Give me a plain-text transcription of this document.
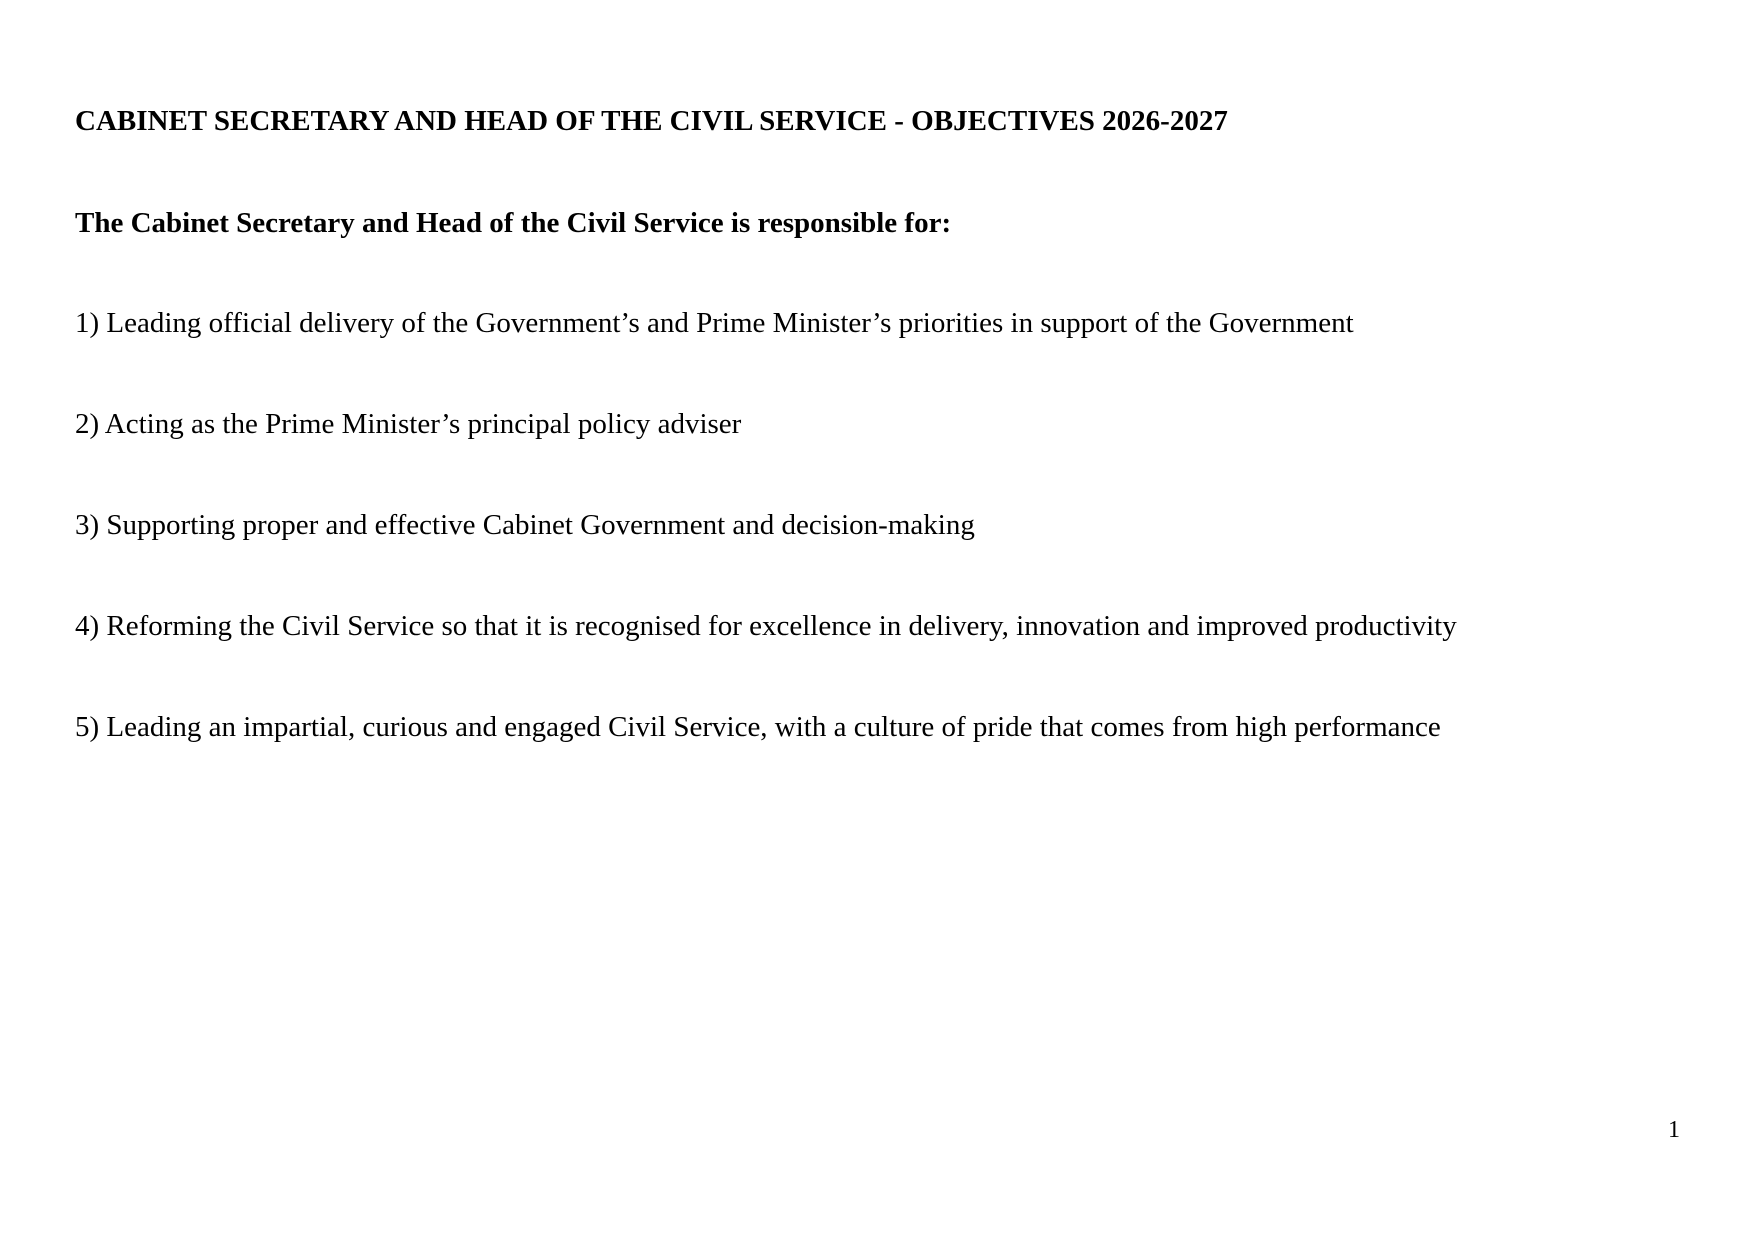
CABINET SECRETARY AND HEAD OF THE CIVIL SERVICE - OBJECTIVES 2026-2027
The Cabinet Secretary and Head of the Civil Service is responsible for:
1) Leading official delivery of the Government’s and Prime Minister’s priorities in support of the Government
2) Acting as the Prime Minister’s principal policy adviser
3) Supporting proper and effective Cabinet Government and decision-making
4) Reforming the Civil Service so that it is recognised for excellence in delivery, innovation and improved productivity
5) Leading an impartial, curious and engaged Civil Service, with a culture of pride that comes from high performance
1
